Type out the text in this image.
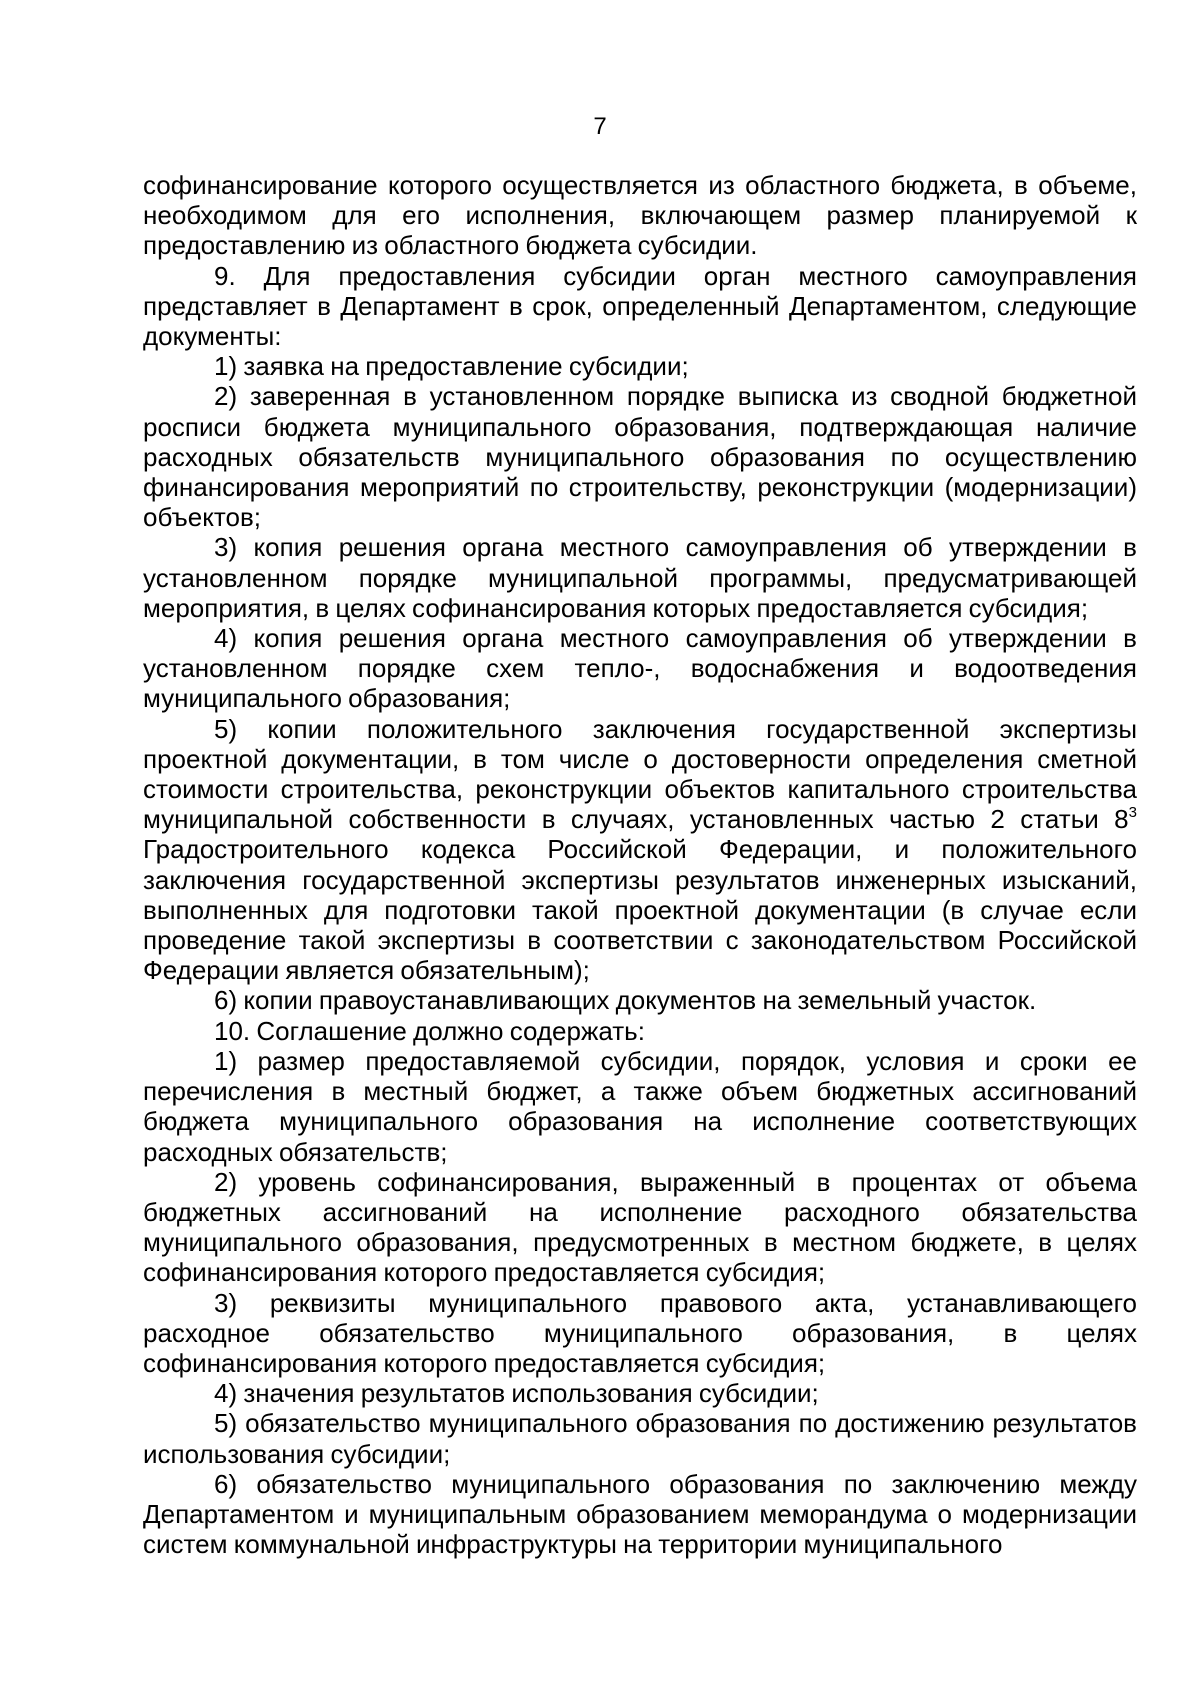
7

софинансирование которого осуществляется из областного бюджета, в объеме, необходимом для его исполнения, включающем размер планируемой к предоставлению из областного бюджета субсидии.

9. Для предоставления субсидии орган местного самоуправления представляет в Департамент в срок, определенный Департаментом, следующие документы:

1) заявка на предоставление субсидии;

2) заверенная в установленном порядке выписка из сводной бюджетной росписи бюджета муниципального образования, подтверждающая наличие расходных обязательств муниципального образования по осуществлению финансирования мероприятий по строительству, реконструкции (модернизации) объектов;

3) копия решения органа местного самоуправления об утверждении в установленном порядке муниципальной программы, предусматривающей мероприятия, в целях софинансирования которых предоставляется субсидия;

4) копия решения органа местного самоуправления об утверждении в установленном порядке схем тепло-, водоснабжения и водоотведения муниципального образования;

5) копии положительного заключения государственной экспертизы проектной документации, в том числе о достоверности определения сметной стоимости строительства, реконструкции объектов капитального строительства муниципальной собственности в случаях, установленных частью 2 статьи $8^3$ Градостроительного кодекса Российской Федерации, и положительного заключения государственной экспертизы результатов инженерных изысканий, выполненных для подготовки такой проектной документации (в случае если проведение такой экспертизы в соответствии с законодательством Российской Федерации является обязательным);

6) копии правоустанавливающих документов на земельный участок.

10. Соглашение должно содержать:

1) размер предоставляемой субсидии, порядок, условия и сроки ее перечисления в местный бюджет, а также объем бюджетных ассигнований бюджета муниципального образования на исполнение соответствующих расходных обязательств;

2) уровень софинансирования, выраженный в процентах от объема бюджетных ассигнований на исполнение расходного обязательства муниципального образования, предусмотренных в местном бюджете, в целях софинансирования которого предоставляется субсидия;

3) реквизиты муниципального правового акта, устанавливающего расходное обязательство муниципального образования, в целях софинансирования которого предоставляется субсидия;

4) значения результатов использования субсидии;

5) обязательство муниципального образования по достижению результатов использования субсидии;

6) обязательство муниципального образования по заключению между Департаментом и муниципальным образованием меморандума о модернизации систем коммунальной инфраструктуры на территории муниципального
